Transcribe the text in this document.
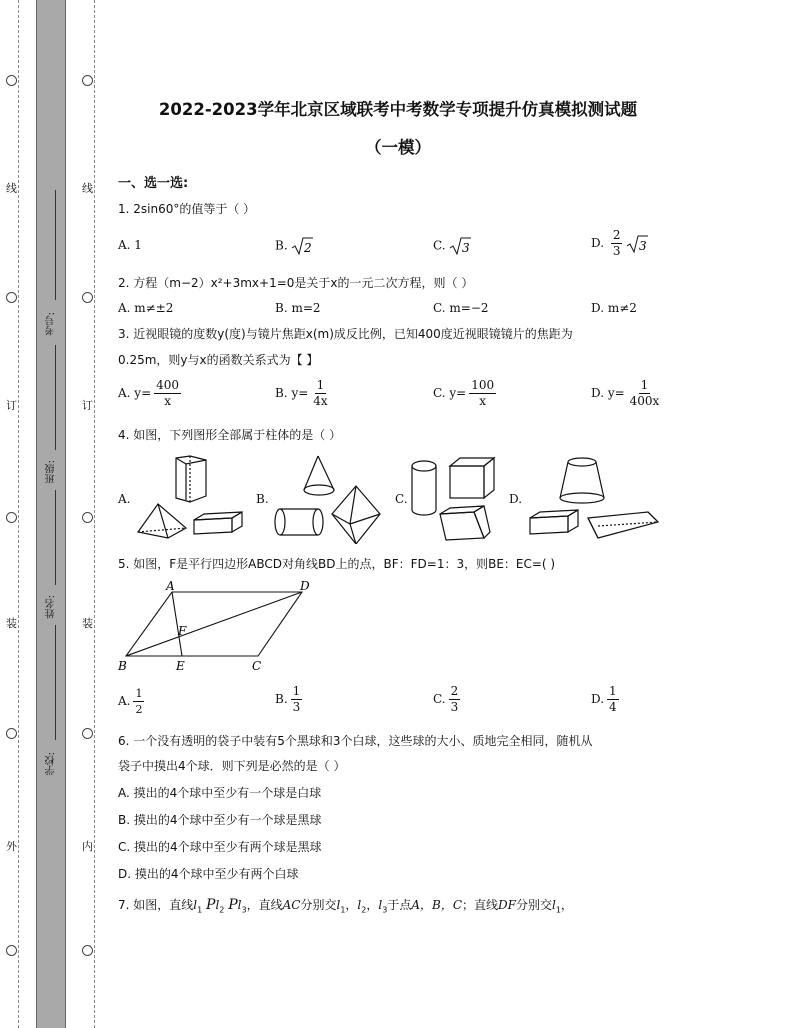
线
订
装
外
线
订
装
内
考号:
班级:
姓名:
学校:
2022-2023学年北京区域联考中考数学专项提升仿真模拟测试题
（一模）
一、选一选:
1. 2sin60°的值等于（ ）
A. 1	B. 2	C. 3	D. $\frac{2}{3}$
3
2. 方程（m−2）x²+3mx+1=0是关于x的一元二次方程，则（ ）
A. m≠±2	B. m=2	C. m=−2	D. m≠2
3. 近视眼镜的度数y(度)与镜片焦距x(m)成反比例，已知400度近视眼镜镜片的焦距为
0.25m，则y与x的函数关系式为【 】
A. $y= \frac{400}{x}$	B. $y= \frac{1}{4x}$	C. $y= \frac{100}{x}$	D. $y= \frac{1}{400x}$
4. 如图，下列图形全部属于柱体的是（ ）
A.	B.	C.	D.
5. 如图，F是平行四边形ABCD对角线BD上的点，BF：FD=1：3，则BE：EC=( )
A	D
B	E	C
F
A. $\frac{1}{2}$	B. $\frac{1}{3}$	C. $\frac{2}{3}$	D. $\frac{1}{4}$
6. 一个没有透明的袋子中装有5个黑球和3个白球，这些球的大小、质地完全相同，随机从
袋子中摸出4个球．则下列是必然的是（ ）
A. 摸出的4个球中至少有一个球是白球
B. 摸出的4个球中至少有一个球是黑球
C. 摸出的4个球中至少有两个球是黑球
D. 摸出的4个球中至少有两个白球
7. 如图，直线$l_1$ $Pl_2$ $Pl_3$，直线AC分别交$l_1$，$l_2$，$l_3$于点A，B，C；直线DF分别交$l_1$，
